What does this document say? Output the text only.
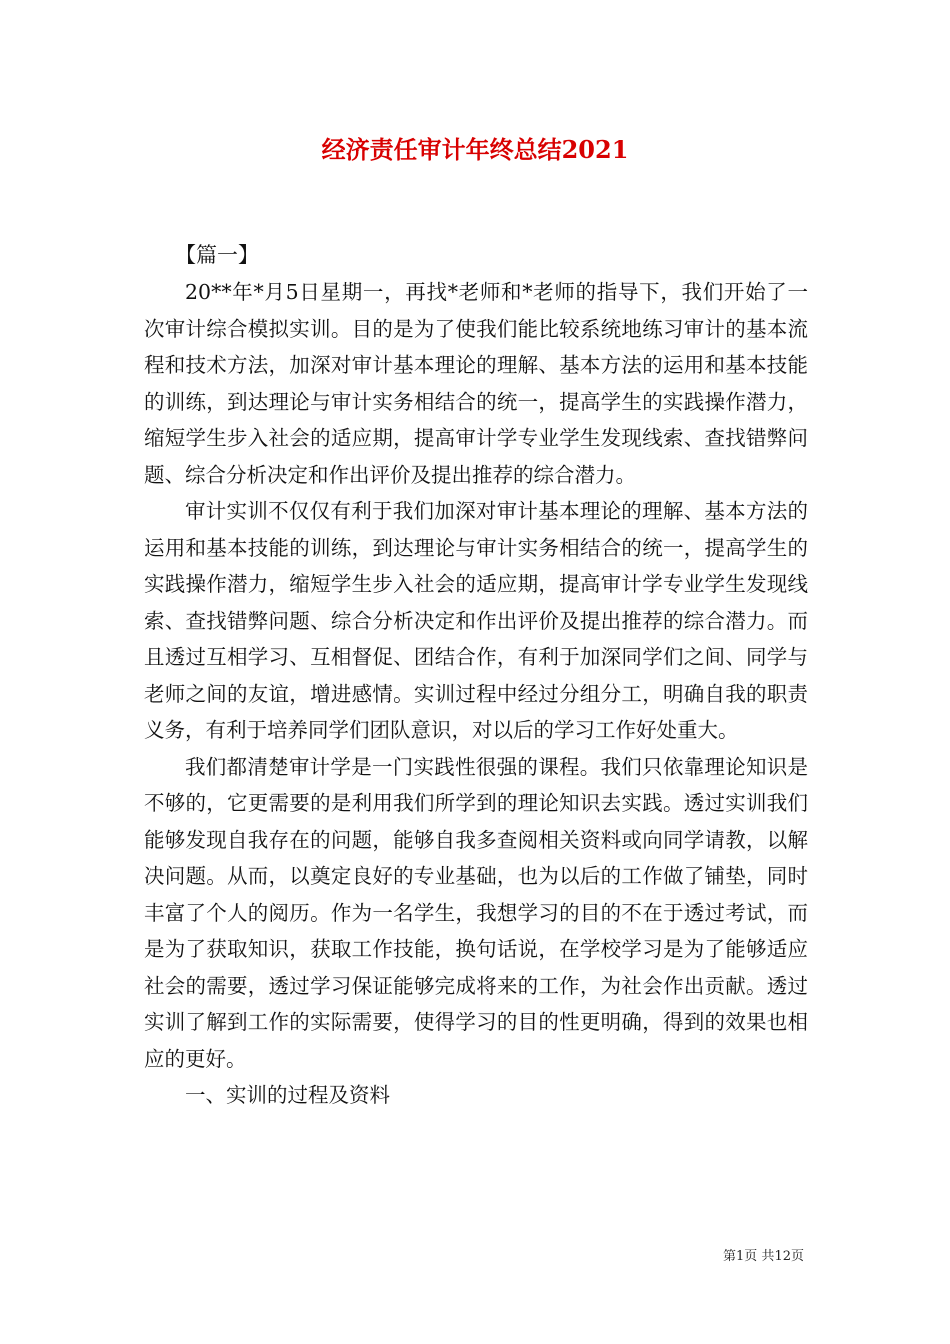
经济责任审计年终总结2021
【篇一】

20**年*月5日星期一，再找*老师和*老师的指导下，我们开始了一次审计综合模拟实训。目的是为了使我们能比较系统地练习审计的基本流程和技术方法，加深对审计基本理论的理解、基本方法的运用和基本技能的训练，到达理论与审计实务相结合的统一，提高学生的实践操作潜力，缩短学生步入社会的适应期，提高审计学专业学生发现线索、查找错弊问题、综合分析决定和作出评价及提出推荐的综合潜力。

审计实训不仅仅有利于我们加深对审计基本理论的理解、基本方法的运用和基本技能的训练，到达理论与审计实务相结合的统一，提高学生的实践操作潜力，缩短学生步入社会的适应期，提高审计学专业学生发现线索、查找错弊问题、综合分析决定和作出评价及提出推荐的综合潜力。而且透过互相学习、互相督促、团结合作，有利于加深同学们之间、同学与老师之间的友谊，增进感情。实训过程中经过分组分工，明确自我的职责义务，有利于培养同学们团队意识，对以后的学习工作好处重大。

我们都清楚审计学是一门实践性很强的课程。我们只依靠理论知识是不够的，它更需要的是利用我们所学到的理论知识去实践。透过实训我们能够发现自我存在的问题，能够自我多查阅相关资料或向同学请教，以解决问题。从而，以奠定良好的专业基础，也为以后的工作做了铺垫，同时丰富了个人的阅历。作为一名学生，我想学习的目的不在于透过考试，而是为了获取知识，获取工作技能，换句话说，在学校学习是为了能够适应社会的需要，透过学习保证能够完成将来的工作，为社会作出贡献。透过实训了解到工作的实际需要，使得学习的目的性更明确，得到的效果也相应的更好。

一、实训的过程及资料

第1页 共12页
